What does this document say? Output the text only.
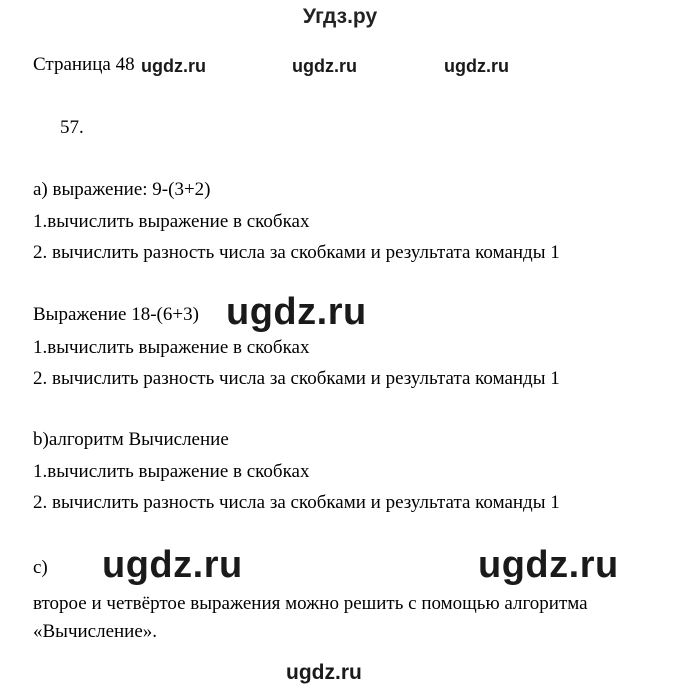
Угдз.ру
Страница 48 ugdz.ru	ugdz.ru	ugdz.ru
57.
а) выражение: 9-(3+2)
1.вычислить выражение в скобках
2. вычислить разность числа за скобками и результата команды 1
Выражение 18-(6+3) ugdz.ru
1.вычислить выражение в скобках
2. вычислить разность числа за скобками и результата команды 1
b)алгоритм Вычисление
1.вычислить выражение в скобках
2. вычислить разность числа за скобками и результата команды 1
с) ugdz.ru	ugdz.ru
второе и четвёртое выражения можно решить с помощью алгоритма
«Вычисление».
ugdz.ru
